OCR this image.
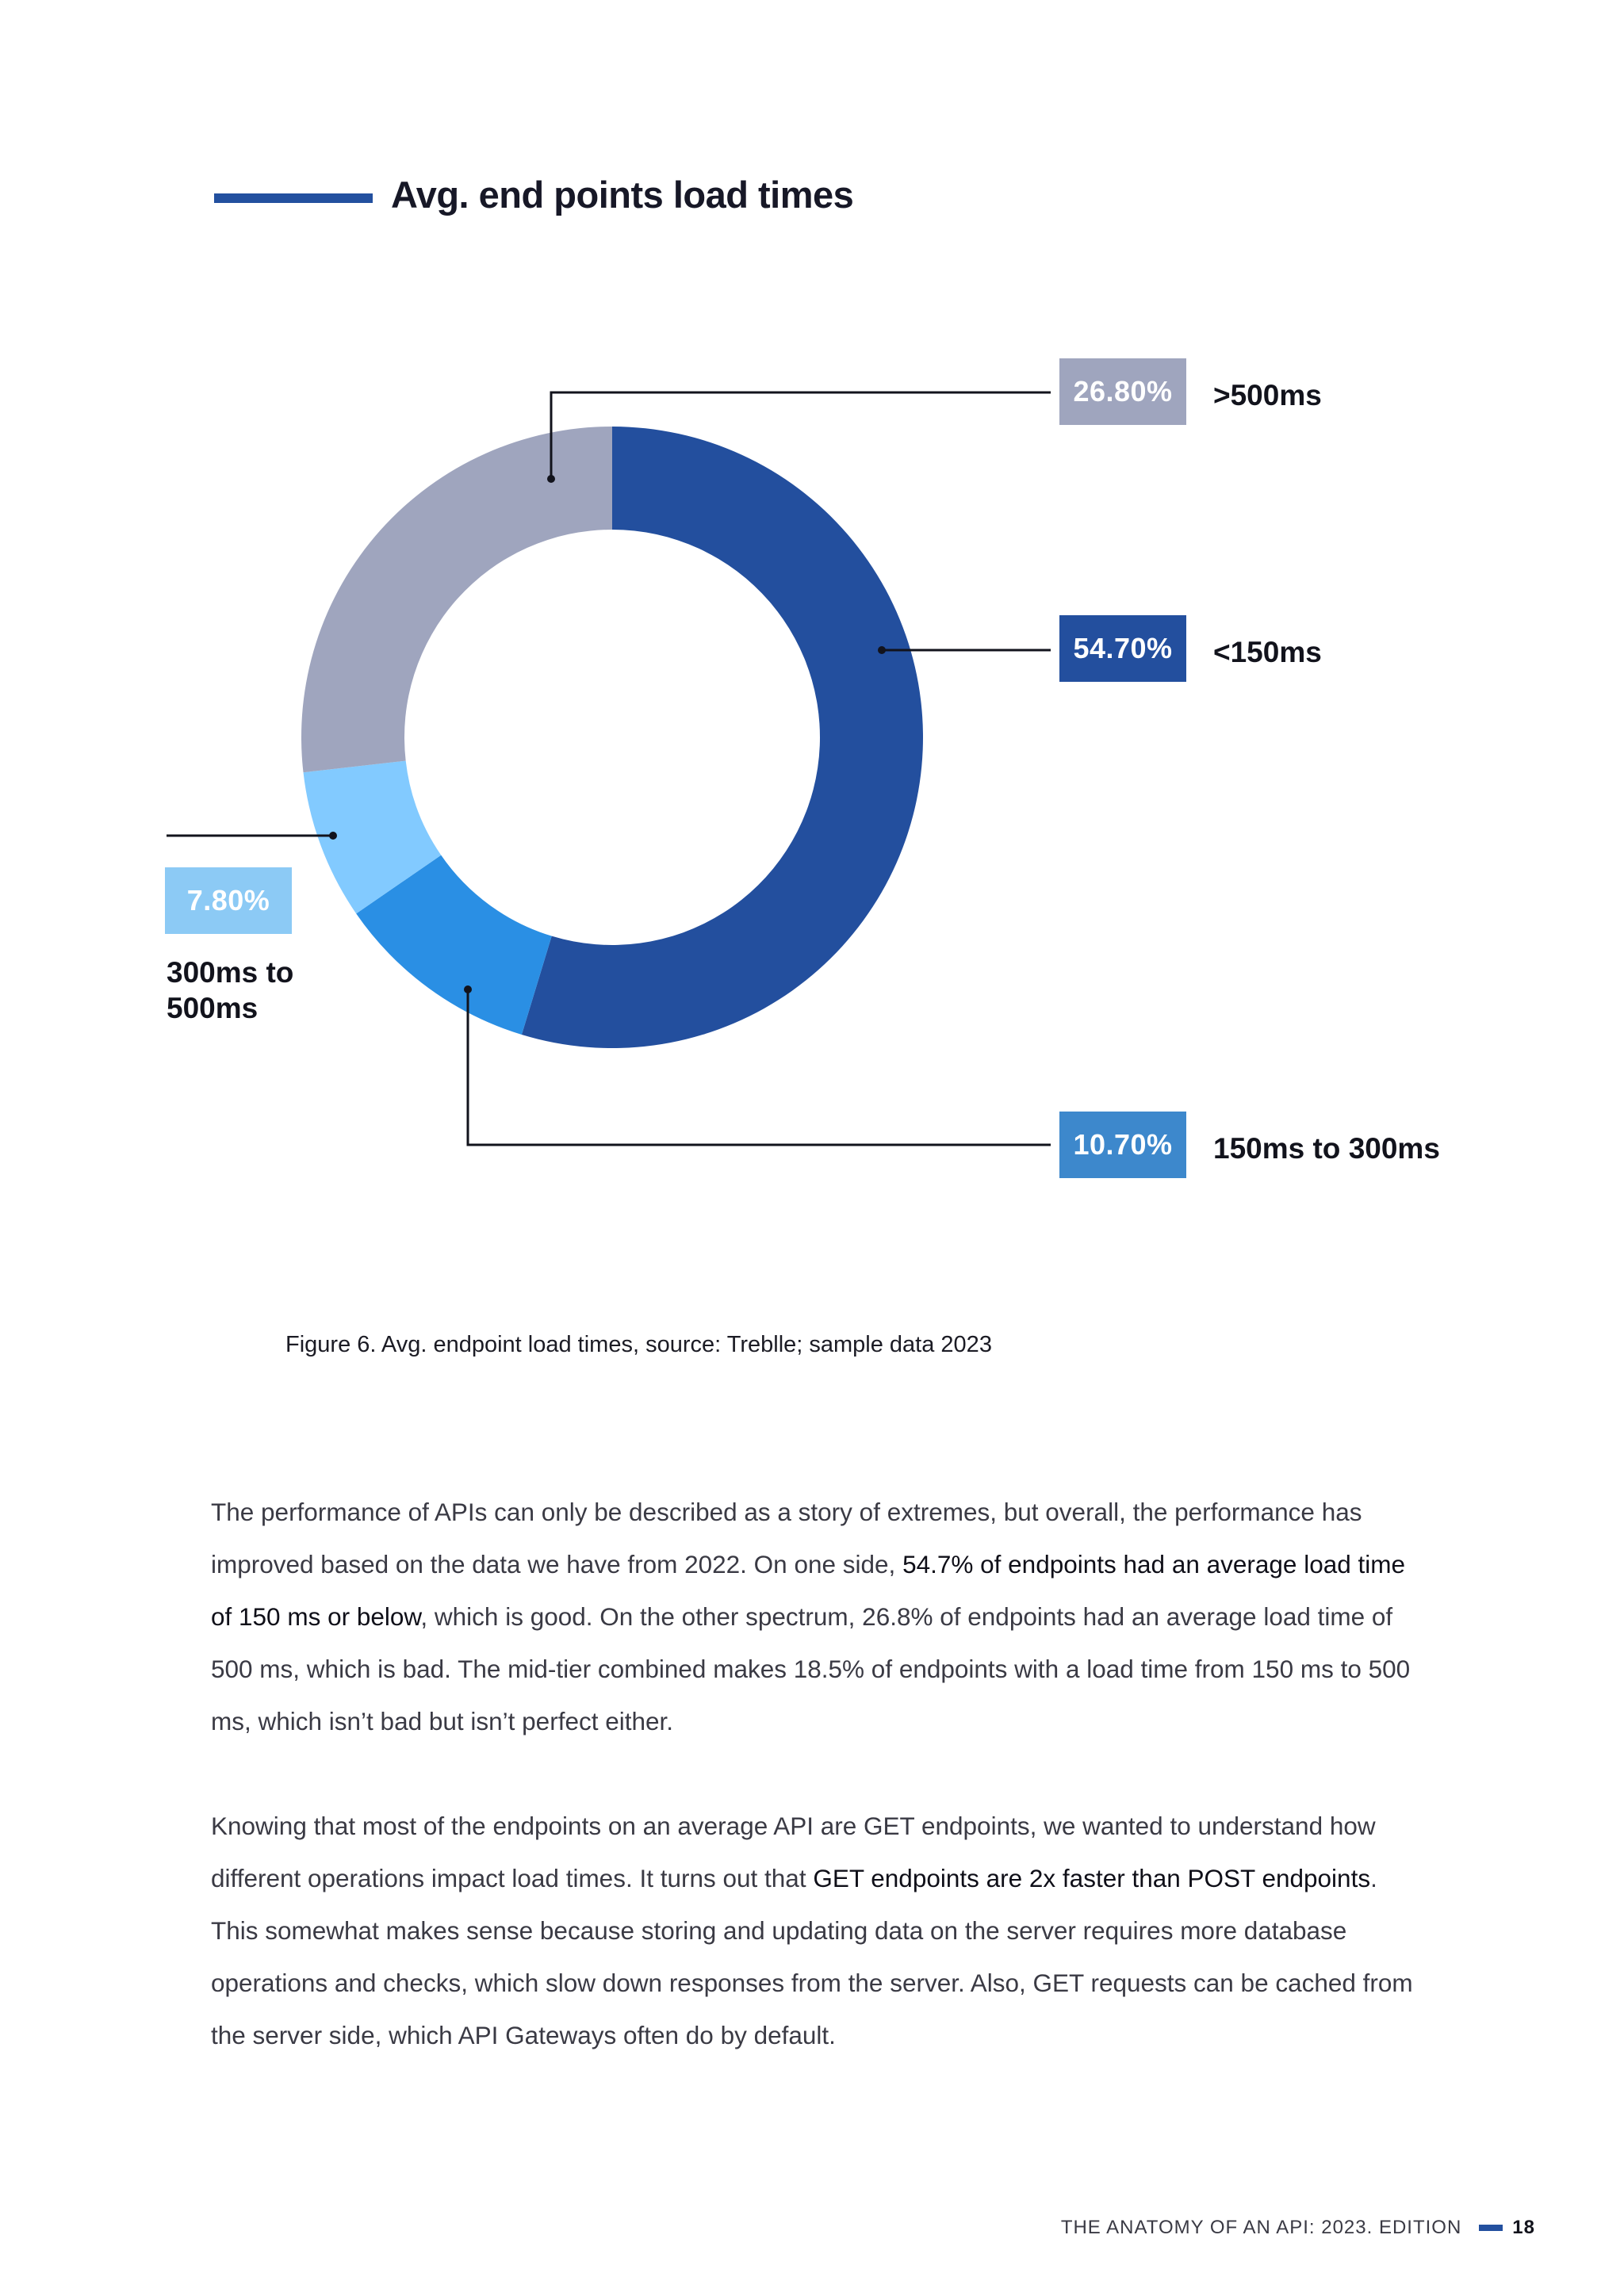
Avg. end points load times
26.80%
54.70%
10.70%
7.80%
>500ms
<150ms
150ms to 300ms
300ms to 500ms
Figure 6. Avg. endpoint load times, source: Treblle; sample data 2023
The performance of APIs can only be described as a story of extremes, but overall, the performance has improved based on the data we have from 2022. On one side, 54.7% of endpoints had an average load time of 150 ms or below, which is good. On the other spectrum, 26.8% of endpoints had an average load time of 500 ms, which is bad. The mid-tier combined makes 18.5% of endpoints with a load time from 150 ms to 500 ms, which isn’t bad but isn’t perfect either.
Knowing that most of the endpoints on an average API are GET endpoints, we wanted to understand how different operations impact load times. It turns out that GET endpoints are 2x faster than POST endpoints. This somewhat makes sense because storing and updating data on the server requires more database operations and checks, which slow down responses from the server. Also, GET requests can be cached from the server side, which API Gateways often do by default.
THE ANATOMY OF AN API: 2023. EDITION	18
